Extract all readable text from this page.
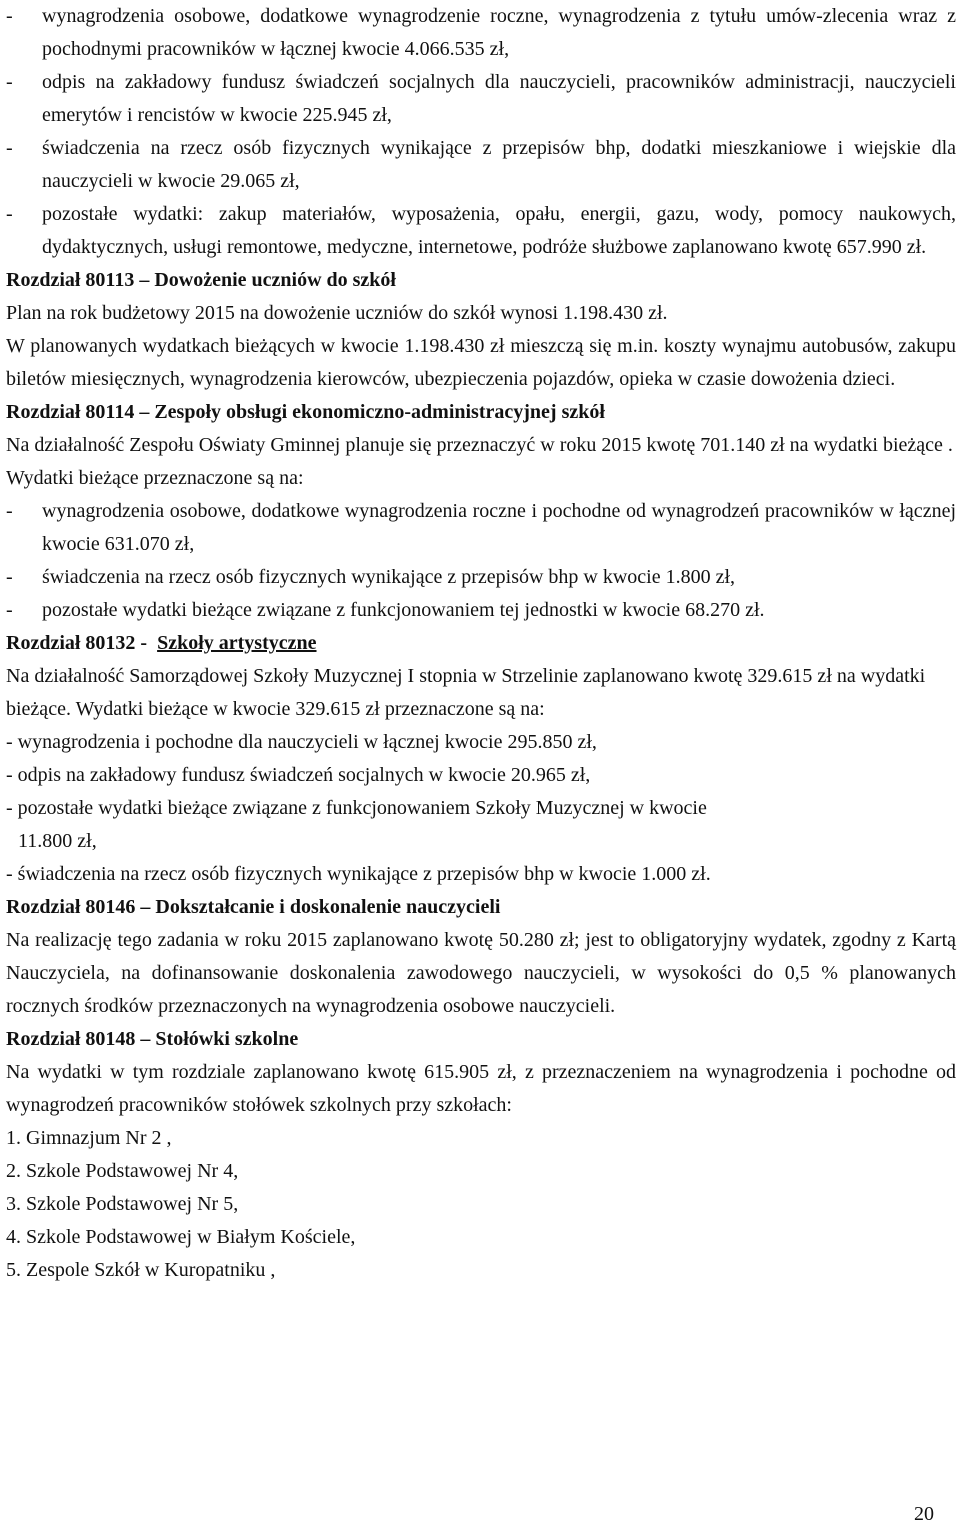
-	wynagrodzenia osobowe, dodatkowe wynagrodzenie roczne, wynagrodzenia z tytułu umów-zlecenia wraz z pochodnymi pracowników w łącznej kwocie 4.066.535 zł,
-	odpis na zakładowy fundusz świadczeń socjalnych dla nauczycieli, pracowników administracji, nauczycieli emerytów i rencistów w kwocie 225.945 zł,
-	świadczenia na rzecz osób fizycznych wynikające z przepisów bhp, dodatki mieszkaniowe i wiejskie dla nauczycieli w kwocie 29.065 zł,
-	pozostałe wydatki: zakup materiałów, wyposażenia, opału, energii, gazu, wody, pomocy naukowych, dydaktycznych, usługi remontowe, medyczne, internetowe, podróże służbowe zaplanowano kwotę 657.990 zł.

Rozdział 80113 – Dowożenie uczniów do szkół

Plan na rok budżetowy 2015 na dowożenie uczniów do szkół wynosi 1.198.430 zł.

W planowanych wydatkach bieżących w kwocie 1.198.430 zł mieszczą się m.in. koszty wynajmu autobusów, zakupu biletów miesięcznych, wynagrodzenia kierowców, ubezpieczenia pojazdów, opieka w czasie dowożenia dzieci.

Rozdział 80114 – Zespoły obsługi ekonomiczno-administracyjnej szkół

Na działalność Zespołu Oświaty Gminnej planuje się przeznaczyć w roku 2015 kwotę 701.140 zł na wydatki bieżące .

Wydatki bieżące przeznaczone są na:

-	wynagrodzenia osobowe, dodatkowe wynagrodzenia roczne i pochodne od wynagrodzeń pracowników w łącznej kwocie 631.070 zł,
-	świadczenia na rzecz osób fizycznych wynikające z przepisów bhp w kwocie 1.800 zł,
-	pozostałe wydatki bieżące związane z funkcjonowaniem tej jednostki w kwocie 68.270 zł.

Rozdział 80132 - Szkoły artystyczne

Na działalność Samorządowej Szkoły Muzycznej I stopnia w Strzelinie zaplanowano kwotę 329.615 zł na wydatki bieżące. Wydatki bieżące w kwocie 329.615 zł przeznaczone są na:

- wynagrodzenia i pochodne dla nauczycieli w łącznej kwocie 295.850 zł,

- odpis na zakładowy fundusz świadczeń socjalnych w kwocie 20.965 zł,

- pozostałe wydatki bieżące związane z funkcjonowaniem Szkoły Muzycznej w kwocie

11.800 zł,

- świadczenia na rzecz osób fizycznych wynikające z przepisów bhp w kwocie 1.000 zł.

Rozdział 80146 – Dokształcanie i doskonalenie nauczycieli

Na realizację tego zadania w roku 2015 zaplanowano kwotę 50.280 zł; jest to obligatoryjny wydatek, zgodny z Kartą Nauczyciela, na dofinansowanie doskonalenia zawodowego nauczycieli, w wysokości do 0,5 % planowanych rocznych środków przeznaczonych na wynagrodzenia osobowe nauczycieli.

Rozdział 80148 – Stołówki szkolne

Na wydatki w tym rozdziale zaplanowano kwotę 615.905 zł, z przeznaczeniem na wynagrodzenia i pochodne od wynagrodzeń pracowników stołówek szkolnych przy szkołach:

1. Gimnazjum Nr 2 ,

2. Szkole Podstawowej Nr 4,

3. Szkole Podstawowej Nr 5,

4. Szkole Podstawowej w Białym Kościele,

5. Zespole Szkół w Kuropatniku ,

20
